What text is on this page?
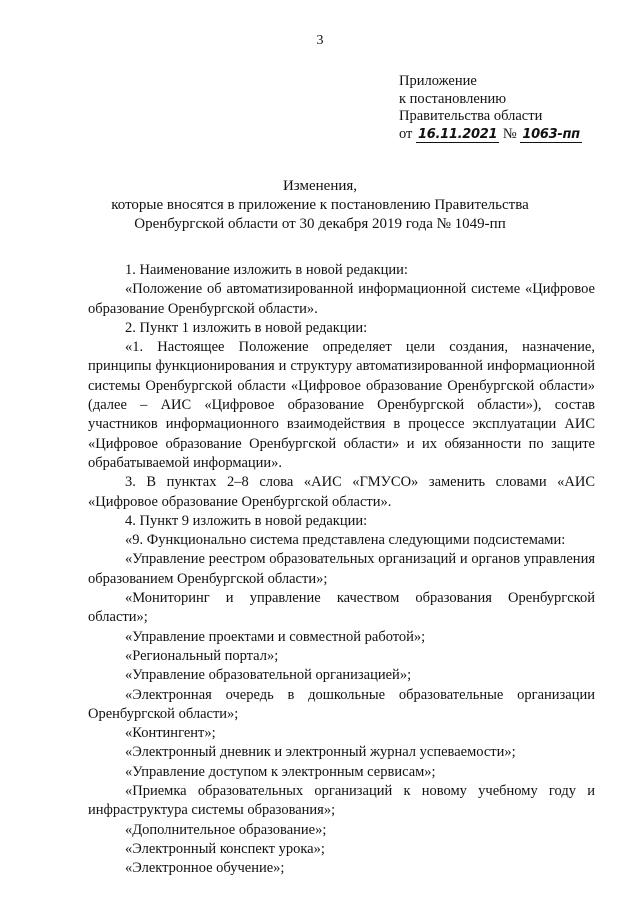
3
Приложение
к постановлению
Правительства области
от 16.11.2021 № 1063-пп
Изменения,
которые вносятся в приложение к постановлению Правительства
Оренбургской области от 30 декабря 2019 года № 1049-пп

1. Наименование изложить в новой редакции:

«Положение об автоматизированной информационной системе «Цифровое образование Оренбургской области».

2. Пункт 1 изложить в новой редакции:

«1. Настоящее Положение определяет цели создания, назначение, принципы функционирования и структуру автоматизированной информационной системы Оренбургской области «Цифровое образование Оренбургской области» (далее – АИС «Цифровое образование Оренбургской области»), состав участников информационного взаимодействия в процессе эксплуатации АИС «Цифровое образование Оренбургской области» и их обязанности по защите обрабатываемой информации».

3. В пунктах 2–8 слова «АИС «ГМУСО» заменить словами «АИС «Цифровое образование Оренбургской области».

4. Пункт 9 изложить в новой редакции:

«9. Функционально система представлена следующими подсистемами:

«Управление реестром образовательных организаций и органов управления образованием Оренбургской области»;

«Мониторинг и управление качеством образования Оренбургской области»;

«Управление проектами и совместной работой»;

«Региональный портал»;

«Управление образовательной организацией»;

«Электронная очередь в дошкольные образовательные организации Оренбургской области»;

«Контингент»;

«Электронный дневник и электронный журнал успеваемости»;

«Управление доступом к электронным сервисам»;

«Приемка образовательных организаций к новому учебному году и инфраструктура системы образования»;

«Дополнительное образование»;

«Электронный конспект урока»;

«Электронное обучение»;
